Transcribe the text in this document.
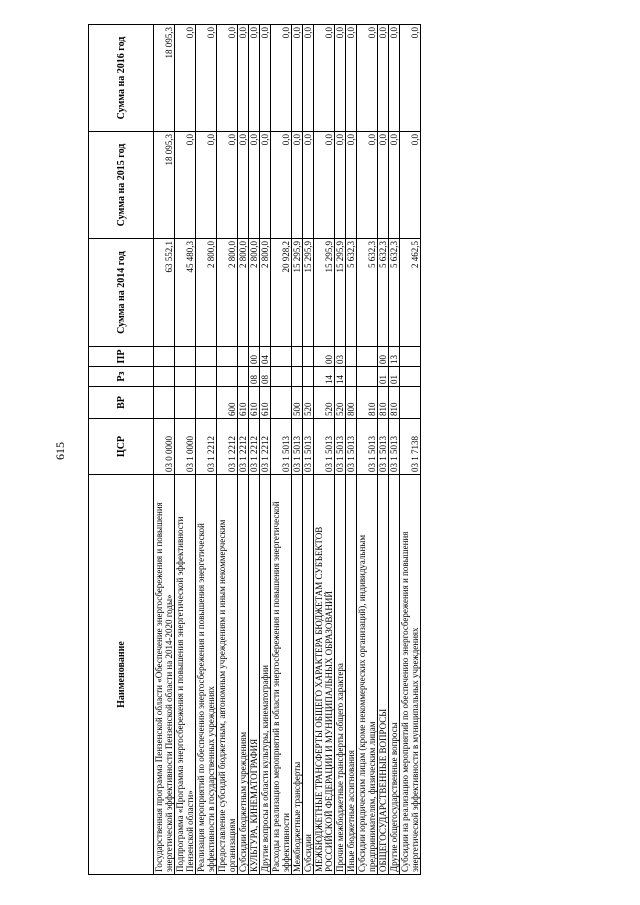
615
Наименование	ЦСР	ВР	Рз	ПР	Сумма на 2014 год	Сумма на 2015 год	Сумма на 2016 год
Государственная программа Пензенской области «Обеспечение энергосбережения и повышения энергетической эффективности Пензенской области на 2014-2020 годы»	03 0 0000				63 552,1	18 095,3	18 095,3
Подпрограмма «Программа энергосбережения и повышения энергетической эффективности Пензенской области»	03 1 0000				45 480,3	0,0	0,0
Реализация мероприятий по обеспечению энергосбережения и повышения энергетической эффективности в государственных учреждениях	03 1 2212				2 800,0	0,0	0,0
Предоставление субсидий бюджетным, автономным учреждениям и иным некоммерческим организациям	03 1 2212	600			2 800,0	0,0	0,0
Субсидии бюджетным учреждениям	03 1 2212	610			2 800,0	0,0	0,0
КУЛЬТУРА, КИНЕМАТОГРАФИЯ	03 1 2212	610	08	00	2 800,0	0,0	0,0
Другие вопросы в области культуры, кинематографии	03 1 2212	610	08	04	2 800,0	0,0	0,0
Расходы на реализацию мероприятий в области энергосбережения и повышения энергетической эффективности	03 1 5013				20 928,2	0,0	0,0
Межбюджетные трансферты	03 1 5013	500			15 295,9	0,0	0,0
Субсидии	03 1 5013	520			15 295,9	0,0	0,0
МЕЖБЮДЖЕТНЫЕ ТРАНСФЕРТЫ ОБЩЕГО ХАРАКТЕРА БЮДЖЕТАМ СУБЪЕКТОВ РОССИЙСКОЙ ФЕДЕРАЦИИ И МУНИЦИПАЛЬНЫХ ОБРАЗОВАНИЙ	03 1 5013	520	14	00	15 295,9	0,0	0,0
Прочие межбюджетные трансферты общего характера	03 1 5013	520	14	03	15 295,9	0,0	0,0
Иные бюджетные ассигнования	03 1 5013	800			5 632,3	0,0	0,0
Субсидии юридическим лицам (кроме некоммерческих организаций), индивидуальным предпринимателям, физическим лицам	03 1 5013	810			5 632,3	0,0	0,0
ОБЩЕГОСУДАРСТВЕННЫЕ ВОПРОСЫ	03 1 5013	810	01	00	5 632,3	0,0	0,0
Другие общегосударственные вопросы	03 1 5013	810	01	13	5 632,3	0,0	0,0
Субсидии на реализацию мероприятий по обеспечению энергосбережения и повышения энергетической эффективности в муниципальных учреждениях	03 1 7138				2 462,5	0,0	0,0
